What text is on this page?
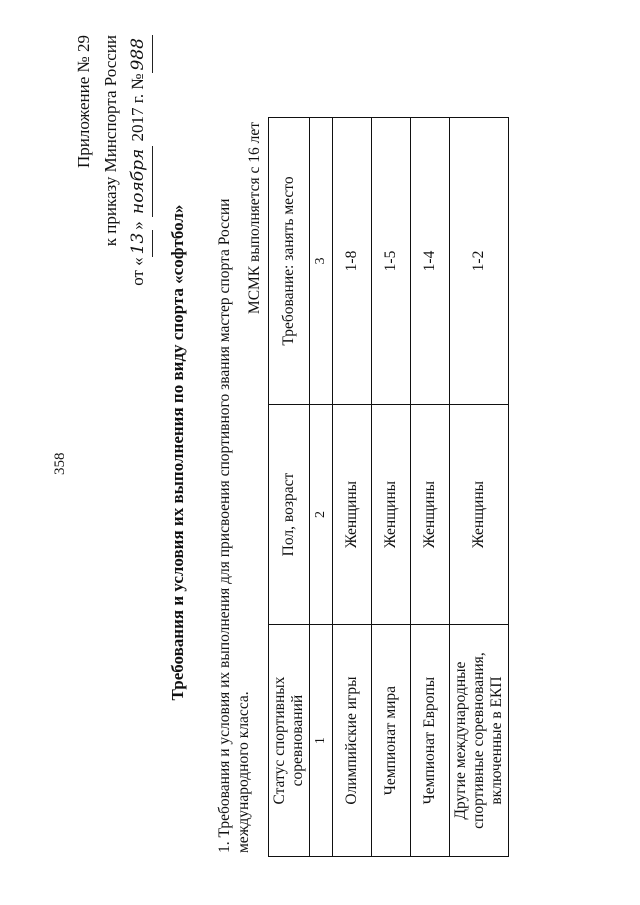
358
Приложение № 29 к приказу Минспорта России
от «13» ноября 2017 г. №988
Требования и условия их выполнения по виду спорта «софтбол» 1. Требования и условия их выполнения для присвоения спортивного звания мастер спорта России международного класса.
МСМК выполняется с 16 лет
Статус спортивных соревнований	Пол, возраст	Требование: занять место
1	2	3
Олимпийские игры	Женщины	1-8
Чемпионат мира	Женщины	1-5
Чемпионат Европы	Женщины	1-4
Другие международные спортивные соревнования, включенные в ЕКП	Женщины	1-2
